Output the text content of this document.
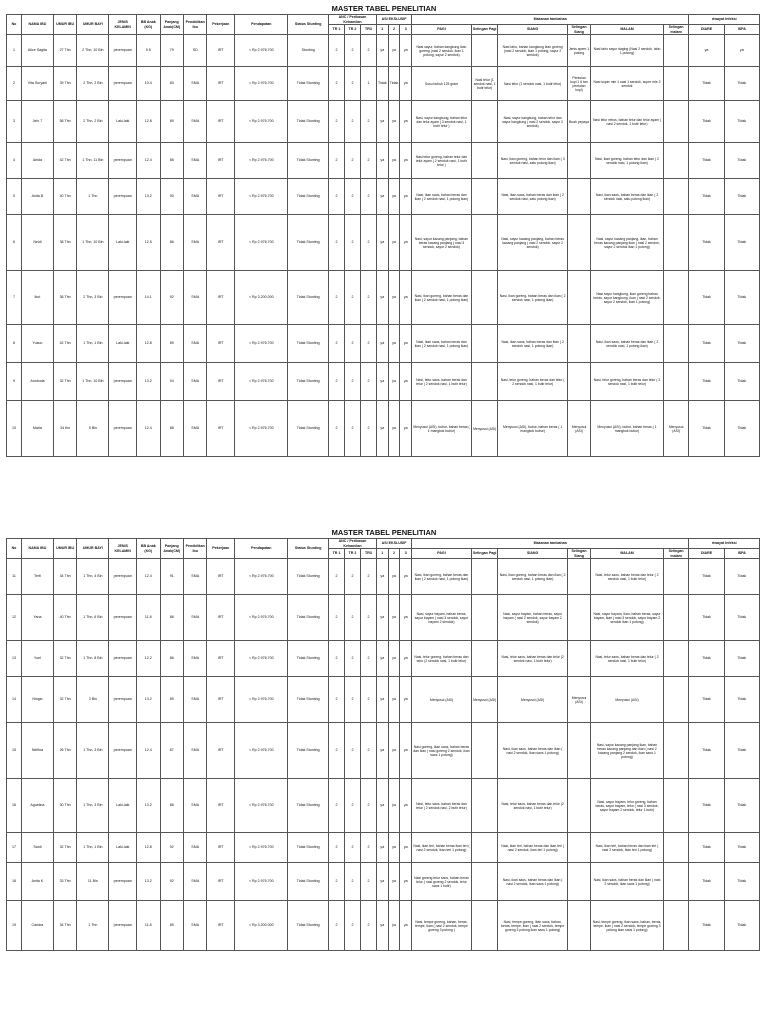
MASTER TABEL PENELITIAN
No	NAMA IBU	UMUR IBU	UMUR BAYI	JENIS KELAMIN	BB Anak (KG)	Panjang Anak(CM)	Pendidikan Ibu	Pekerjaan	Pendapatan	Status Stunting	ANC / Perikasan Kehamilan			ASI EKSLUSIF			Makanan tambahan						riwayat Infeksi	
											TR 1	TR 2	TR3	1	2	3	PAGI	Selingan Pagi	SIANG	Selingan Siang	MALAM	Selingan malam	DIARE	ISPA
1	Alice Sagita	27 Thn	2 Thn, 10 Bln	perempuan	9.5	79	SD	IRT	< Rp 2.976.700	Stunting	2	2	2	ya	ya	ya	Nasi sayur, bahan kangkung ikan goreng (nasi 2 sendok, ikan 1 potong, sayur 2 sendok)		Nasi tahu, bahan kangkung ikan goreng (nasi 2 sendok, ikan 1 potong, sayur 2 sendok)	Jenis apem 1 potong	Nasi tahu sayur daging (Nasi 2 sendok, tahu 1 potong)		ya	ya
2	Vita Suryani	39 Thn	2 Thn, 2 Bln	perempuan	10.4	83	SMA	IRT	< Rp 2.976.700	Tidak Stunting	2	2	1	Tidak	Tidak	ya	Susu bubuk 125 gram	Nasi telur (1 sendok nasi, 1 butir telur)	Nasi telur (1 sendok nasi, 1 butir telur)	Pentolan kopi 1 6 tan pentolan kopi)	Nasi super mie 1 nasi 1 sendok, super mie 2 sendok		Tidak	Tidak
3	Jein 7	58 Thn	2 Thn, 2 Bln	Laki-laki	12.8	89	SMA	IRT	< Rp 2.976.700	Tidak Stunting	2	2	2	ya	ya	ya	Nasi, sayur kangkung, bahan telur dan telur ayam ( 3 sendok nasi, 1 butir telur )		Nasi, sayur kangkung, bahan telur dan sayur kangkung ( nasi 2 sendok, sayur 2 sendok)	Buah pepaya	Nasi telur rebus, bahan telur dan telur ayam ( nasi 2 sendok, 1 butir telur)		Tidak	Tidak
4	Aelda	42 Thn	1 Thn, 11 Bln	perempuan	12.4	86	SMA	IRT	< Rp 2.976.700	Tidak Stunting	2	2	2	ya	ya	ya	Nasi telur goreng, bahan telur dan telur ayam ( 2 sendok nasi, 1 butir telur )		Nasi, ikan goreng, bahan telur dan ikan ( 3 sendok nasi, satu potong ikan)		Nasi, ikan goreng, bahan telur dan ikan ( 2 sendok nasi, 1 potong ikan)		Tidak	Tidak
5	Anita B	40 Thn	1 Thn	perempuan	13.2	90	SMA	IRT	< Rp 2.976.700	Tidak Stunting	2	2	2	ya	ya	ya	Nasi, ikan saos, bahan beras dan ikan ( 2 sendok nasi, 1 potong ikan)		Nasi, ikan saos, bahan beras dan ikan ( 2 sendok nasi, satu potong ikan)		Nasi, ikan saos, bahan beras dan ikan ( 2 sendok nasi, satu potong ikan)		Tidak	Tidak
6	Neldi	38 Thn	1 Thn, 10 Bln	Laki-laki	12.5	86	SMA	IRT	< Rp 2.976.700	Tidak Stunting	2	2	2	ya	ya	ya	Nasi, sayur kacang panjang, bahan beras kacang panjang ( nasi 3 sendok, sayur 2 sendok)		Nasi, sayur kacang panjang, bahan beras kacang panjang ( nasi 2 sendok, sayur 2 sendok)		Nasi, sayur kacang panjang, ikan, bahan beras kacang panjang ikan ( nasi 2 sendok, sayur 2 sendok ikan 1 potong)		Tidak	Tidak
7	Ikut	36 Thn	2 Thn, 3 Bln	perempuan	14.1	92	SMA	IRT	< Rp 3.200.000	Tidak Stunting	2	2	2	ya	ya	ya	Nasi, ikan goreng, bahan beras dan ikan ( 2 sendok nasi, 1 potong ikan)		Nasi, ikan goreng, bahan beras dan ikan ( 2 sendok nasi, 1 potong ikan)		Nasi sayur kangkung, ikan goreng bahan beras, sayur kangkung, ikan ( nasi 2 sendok, sayur 2 sendok, ikan 1 potong)		Tidak	Tidak
8	Yusuo	42 Thn	1 Thn, 1 Bln	Laki-laki	12.8	89	SMA	IRT	< Rp 2.976.700	Tidak Stunting	2	2	2	ya	ya	ya	Nasi, ikan saos, bahan beras dan ikan ( 2 sendok nasi, 1 potong ikan)		Nasi, ikan saos, bahan beras dan ikan ( 2 sendok nasi, 1 potong ikan)		Nasi, ikan saos, bahan beras dan ikan ( 2 sendok nasi, 1 potong ikan)		Tidak	Tidak
9	Anotonia	32 Thn	1 Thn, 10 Bln	perempuan	13.2	94	SMA	IRT	< Rp 2.976.700	Tidak Stunting	2	2	2	ya	ya	ya	Nasi, telur saos, bahan beras dan telur ( 2 sendok nasi, 1 butir telur)		Nasi, telur goreng, bahan beras dan telur ( 2 sendok nasi, 1 butir telur)		Nasi, telur goreng, bahan beras dan telur ( 2 sendok nasi, 1 butir telur)		Tidak	Tidak
10	Maria	34 thn	5 Bln	perempuan	12.4	88	SMA	IRT	< Rp 2.976.700	Tidak Stunting	2	2	2	ya	ya	ya	Menyusui (ASI), bubur, bahan beras ( 1 mangkok bubur)	Menyusui (ASI)	Menyusui (ASI), bubur, bahan beras ( 1 mangkok bubur)	Menyusui (ASI)	Menyusui (ASI), bubur, bahan beras ( 1 mangkok bubur)	Menyusui (ASI)	Tidak	Tidak
MASTER TABEL PENELITIAN
No	NAMA IBU	UMUR IBU	UMUR BAYI	JENIS KELAMIN	BB Anak (KG)	Panjang Anak(CM)	Pendidikan Ibu	Pekerjaan	Pendapatan	Status Stunting	ANC / Perikasan Kehamilan			ASI EKSLUSIF			Makanan tambahan						riwayat Infeksi	
											TR 1	TR 2	TR3	1	2	3	PAGI	Selingan Pagi	SIANG	Selingan Siang	MALAM	Selingan malam	DIARE	ISPA
11	Terti	34 Thn	1 Thn, 4 Bln	perempuan	12.4	91	SMA	IRT	< Rp 2.976.700	Tidak Stunting	2	2	2	ya	ya	ya	Nasi, ikan goreng, bahan beras dan ikan ( 2 sendok nasi, 1 potong ikan)		Nasi, ikan goreng, bahan beras dan ikan ( 2 sendok nasi, 1 potong ikan)		Nasi, telur saos, bahan beras dan telur ( 2 sendok nasi, 1 butir telur)		Tidak	Tidak
12	Yana	40 Thn	1 Thn, 6 Bln	perempuan	11.8	86	SMA	IRT	< Rp 2.976.700	Tidak Stunting	2	2	2	ya	ya	ya	Nasi, sayur bayam, bahan beras, sayur bayam ( nasi 3 sendok, sayur bayam 2 sendok)		Nasi, sayur bayam, bahan beras, sayur bayam ( nasi 2 sendok, sayur bayam 2 sendok)		Nasi, sayur bayam, ikan, bahan beras, sayur bayam, ikan ( nasi 3 sendok, sayur bayam 2 sendok ikan 1 potong)		Tidak	Tidak
13	Yuel	32 Thn	1 Thn, 8 Bln	perempuan	12.2	86	SMA	IRT	< Rp 2.976.700	Tidak Stunting	2	2	2	ya	ya	ya	Nasi, telur goreng, bahan beras dan telur (2 sendok nasi, 1 butir telur)		Nasi, telur saos, bahan beras dan telur (2 sendok nasi, 1 butir telur)		Nasi, telur saos, bahan beras dan telur ( 2 sendok nasi, 1 butir telur)		Tidak	Tidak
14	Ningsi	32 Thn	3 Bln	perempuan	13.2	89	SMA	IRT	< Rp 2.976.700	Tidak Stunting	2	2	2	ya	ya	ya	Menyusui (ASI)	Menyusui (ASI)	Menyusui (ASI)	Menyusui (ASI)	Menyusui (ASI)		Tidak	Tidak
15	Nelfina	26 Thn	1 Thn, 3 Bln	perempuan	12.4	87	SMA	IRT	< Rp 2.976.700	Tidak Stunting	2	2	2	ya	ya	ya	Nasi goreng, ikan saos, bahan beras dan ikan ( nasi goreng 2 sendok, ikan saos 1 potong)		Nasi, ikan saos, bahan beras dan ikan ( nasi 2 sendok, ikan saos 1 potong)		Nasi, sayur kacang panjang ikan, bahan beras kacang panjang dan ikan ( nasi 2 kacang panjang 2 sendok, ikan saos 1 potong)		Tidak	Tidak
16	Agustina	30 Thn	1 Thn, 3 Bln	Laki-laki	13.2	86	SMA	IRT	< Rp 2.976.700	Tidak Stunting	2	2	2	ya	ya	ya	Nasi, telur saos, bahan beras dan telur ( 2 sendok nasi, 2 butir telur)		Nasi, telur saos, bahan beras dan telur (2 sendok nasi, 1 butir telur)		Nasi, sayur bayam, telur goreng, bahan beras, sayur bayam, telur ( nasi 3 sendok, sayur bayam 2 sendok, telur 1 butir)		Tidak	Tidak
17	Santi	32 Thn	1 Thn, 1 Bln	Laki-laki	12.8	92	SMA	IRT	< Rp 2.976.700	Tidak Stunting	2	2	2	ya	ya	ya	Nasi, ikan teri, bahan beras ikan teri ( nasi 2 sendok, ikan teri 1 potong)		Nasi, ikan teri, bahan beras dan ikan teri ( nasi 2 sendok, ikan teri 1 potong)		Nasi, ikan teri, bahan beras dan ikan teri ( nasi 2 sendok, ikan teri 1 potong)		Tidak	Tidak
18	Anita K	33 Thn	11 Bln	perempuan	13.2	92	SMA	IRT	< Rp 2.976.700	Tidak Stunting	2	2	2	ya	ya	ya	Nasi goreng telur saos, bahan beras telur ( nasi goreng 2 sendok, telur saos 1 butir)		Nasi, ikan saos, bahan beras dan ikan ( nasi 2 sendok, ikan saos 1 potong)		Nasi, ikan saos, bahan beras dan ikan ( nasi 2 sendok, ikan saos 1 potong)		Tidak	Tidak
19	Candra	34 Thn	1 Thn	perempuan	11.8	89	SMA	IRT	< Rp 3.200.000	Tidak Stunting	2	2	2	ya	ya	ya	Nasi, tempe goreng, bahan, beras, tempe, ikan ( nasi 2 sendok, tempe goreng 3 potong )		Nasi, tempe goreng, ikan saos, bahan, beras, tempe, ikan ( nasi 2 sendok, tempe goreng 3 potong ikan saos 1 potong)		Nasi, tempe goreng, ikan saos, bahan, beras, tempe, ikan ( nasi 2 sendok, tempe goreng 3 potong ikan saos 1 potong)		Tidak	Tidak
